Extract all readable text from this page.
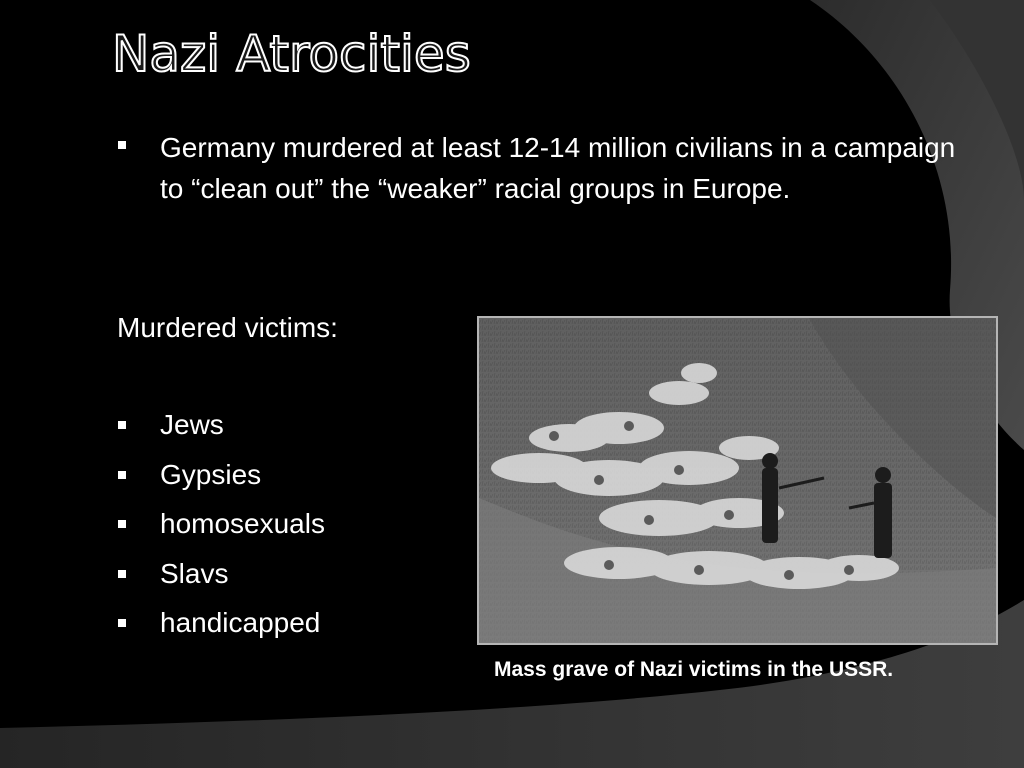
Nazi Atrocities
Germany murdered at least 12-14 million civilians in a campaign to “clean out” the “weaker” racial groups in Europe.
Murdered victims:
Jews
Gypsies
homosexuals
Slavs
handicapped
Mass grave of Nazi victims in the USSR.
